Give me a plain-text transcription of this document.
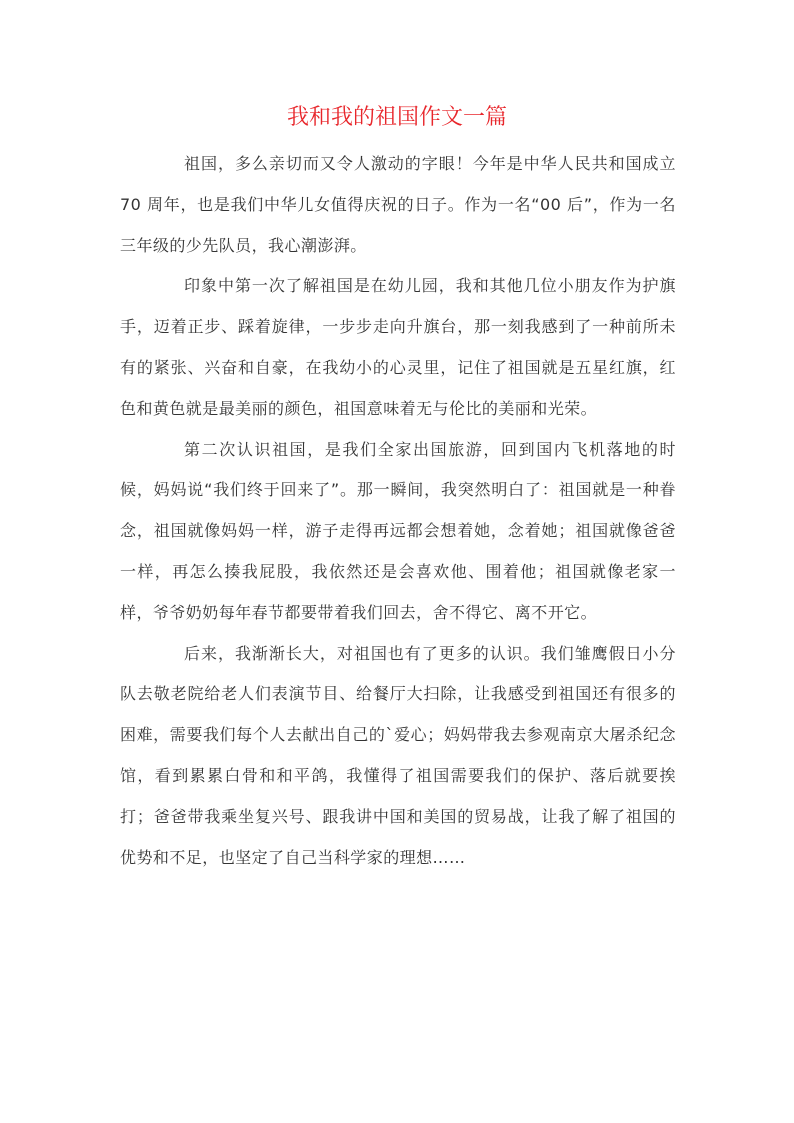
我和我的祖国作文一篇

祖国，多么亲切而又令人激动的字眼！今年是中华人民共和国成立 70 周年，也是我们中华儿女值得庆祝的日子。作为一名“00 后”，作为一名三年级的少先队员，我心潮澎湃。

印象中第一次了解祖国是在幼儿园，我和其他几位小朋友作为护旗手，迈着正步、踩着旋律，一步步走向升旗台，那一刻我感到了一种前所未有的紧张、兴奋和自豪，在我幼小的心灵里，记住了祖国就是五星红旗，红色和黄色就是最美丽的颜色，祖国意味着无与伦比的美丽和光荣。

第二次认识祖国，是我们全家出国旅游，回到国内飞机落地的时候，妈妈说“我们终于回来了”。那一瞬间，我突然明白了：祖国就是一种眷念，祖国就像妈妈一样，游子走得再远都会想着她，念着她；祖国就像爸爸一样，再怎么揍我屁股，我依然还是会喜欢他、围着他；祖国就像老家一样，爷爷奶奶每年春节都要带着我们回去，舍不得它、离不开它。

后来，我渐渐长大，对祖国也有了更多的认识。我们雏鹰假日小分队去敬老院给老人们表演节目、给餐厅大扫除，让我感受到祖国还有很多的困难，需要我们每个人去献出自己的`爱心；妈妈带我去参观南京大屠杀纪念馆，看到累累白骨和和平鸽，我懂得了祖国需要我们的保护、落后就要挨打；爸爸带我乘坐复兴号、跟我讲中国和美国的贸易战，让我了解了祖国的优势和不足，也坚定了自己当科学家的理想……
